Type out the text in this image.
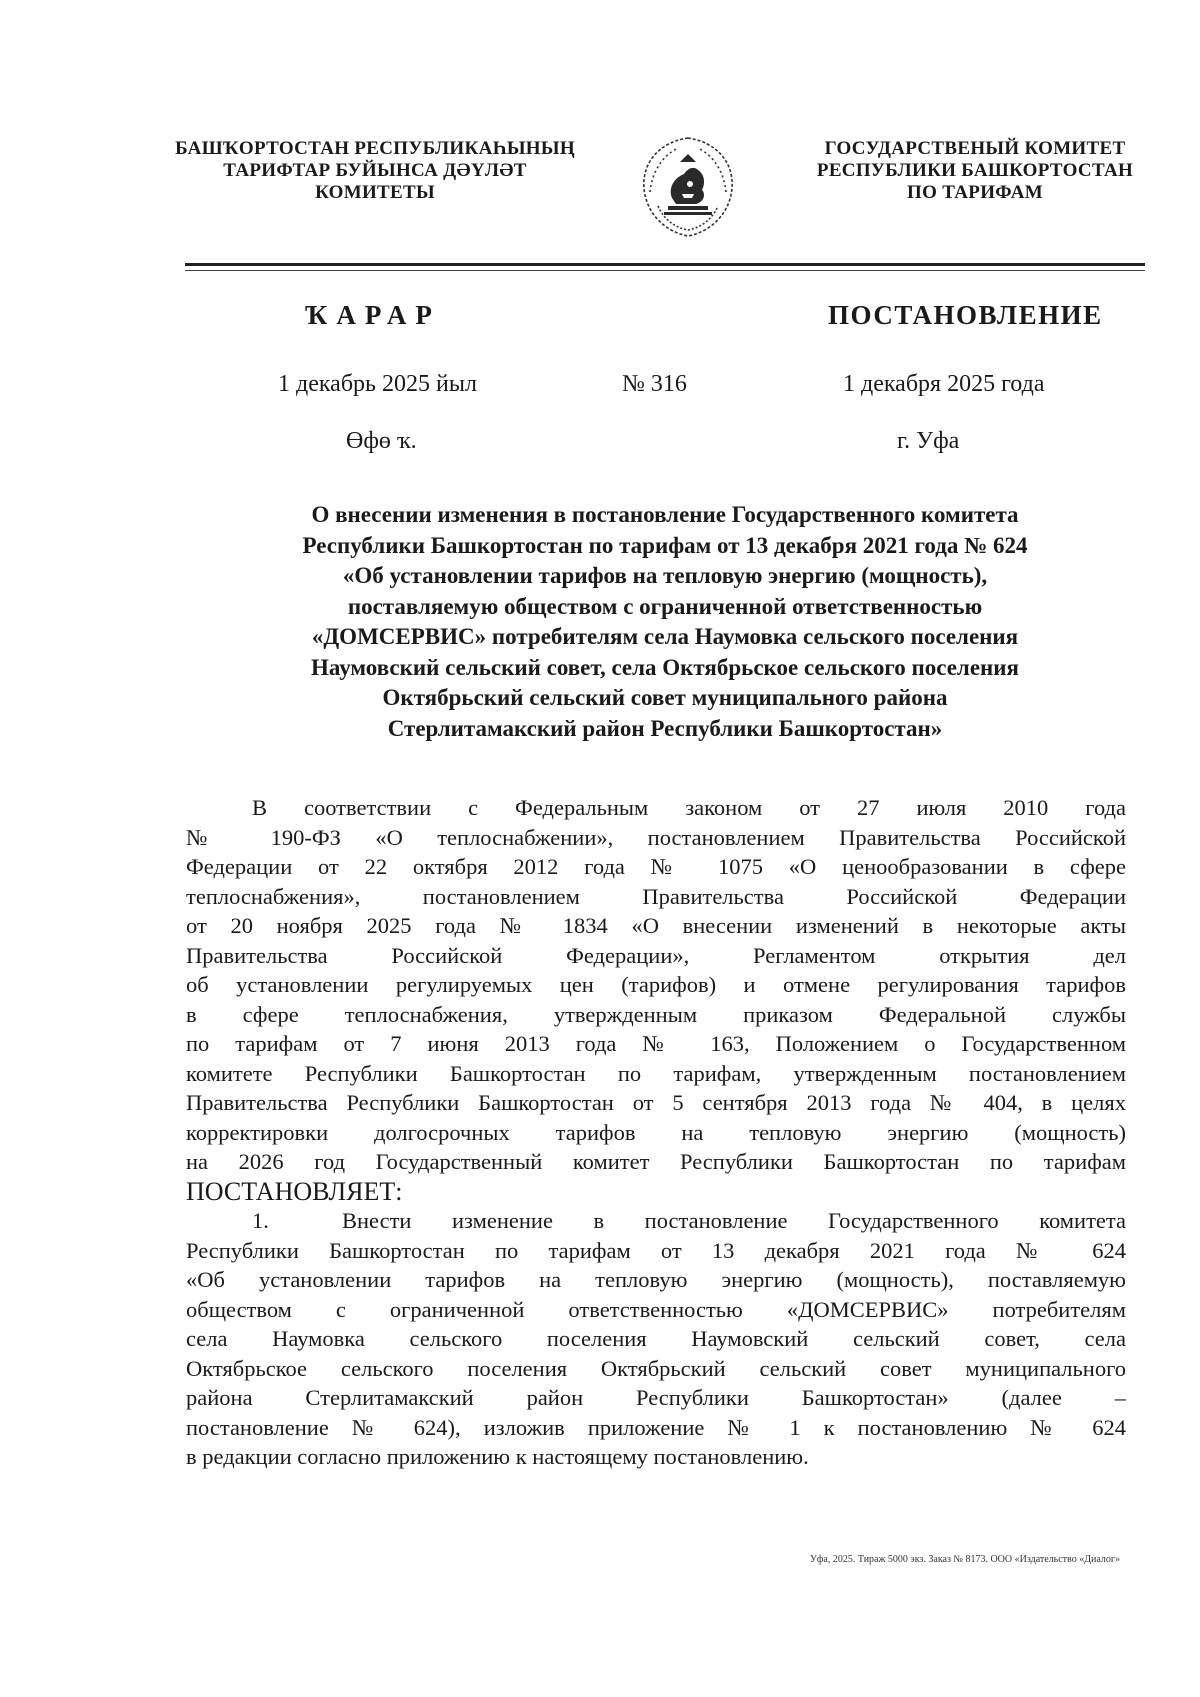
БАШҠОРТОСТАН РЕСПУБЛИКАҺЫНЫҢ
ТАРИФТАР БУЙЫНСА ДӘҮЛӘТ
КОМИТЕТЫ
ГОСУДАРСТВЕНЫЙ КОМИТЕТ
РЕСПУБЛИКИ БАШКОРТОСТАН
ПО ТАРИФАМ
ҠАРАР	ПОСТАНОВЛЕНИЕ
1 декабрь 2025 йыл	№ 316	1 декабря 2025 года
Өфө ҡ.	г. Уфа
О внесении изменения в постановление Государственного комитета
Республики Башкортостан по тарифам от 13 декабря 2021 года № 624
«Об установлении тарифов на тепловую энергию (мощность),
поставляемую обществом с ограниченной ответственностью
«ДОМСЕРВИС» потребителям села Наумовка сельского поселения
Наумовский сельский совет, села Октябрьское сельского поселения
Октябрьский сельский совет муниципального района
Стерлитамакский район Республики Башкортостан»
В соответствии с Федеральным законом от 27 июля 2010 года
№ 190-ФЗ «О теплоснабжении», постановлением Правительства Российской
Федерации от 22 октября 2012 года № 1075 «О ценообразовании в сфере
теплоснабжения», постановлением Правительства Российской Федерации
от 20 ноября 2025 года № 1834 «О внесении изменений в некоторые акты
Правительства Российской Федерации», Регламентом открытия дел
об установлении регулируемых цен (тарифов) и отмене регулирования тарифов
в сфере теплоснабжения, утвержденным приказом Федеральной службы
по тарифам от 7 июня 2013 года № 163, Положением о Государственном
комитете Республики Башкортостан по тарифам, утвержденным постановлением
Правительства Республики Башкортостан от 5 сентября 2013 года № 404, в целях
корректировки долгосрочных тарифов на тепловую энергию (мощность)
на 2026 год Государственный комитет Республики Башкортостан по тарифам
ПОСТАНОВЛЯЕТ:
1.	Внести изменение в постановление Государственного комитета
Республики Башкортостан по тарифам от 13 декабря 2021 года № 624
«Об установлении тарифов на тепловую энергию (мощность), поставляемую
обществом с ограниченной ответственностью «ДОМСЕРВИС» потребителям
села Наумовка сельского поселения Наумовский сельский совет, села
Октябрьское сельского поселения Октябрьский сельский совет муниципального
района Стерлитамакский район Республики Башкортостан» (далее –
постановление № 624), изложив приложение № 1 к постановлению № 624
в редакции согласно приложению к настоящему постановлению.
Уфа, 2025. Тираж 5000 экз. Заказ № 8173. ООО «Издательство «Диалог»
